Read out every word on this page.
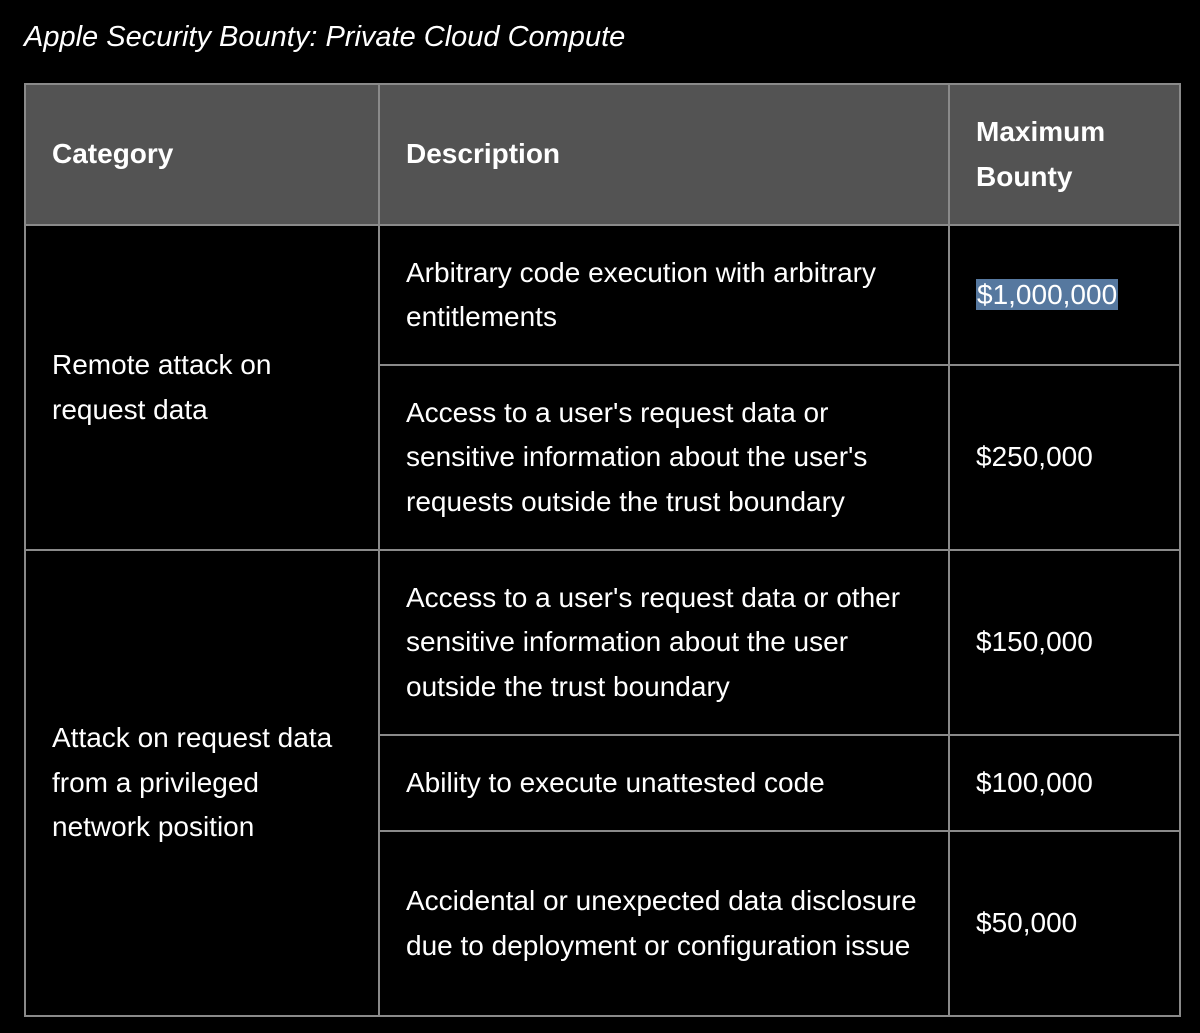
Apple Security Bounty: Private Cloud Compute
Category	Description	Maximum Bounty
Remote attack on request data	Arbitrary code execution with arbitrary entitlements	$1,000,000
	Access to a user's request data or sensitive information about the user's requests outside the trust boundary	$250,000
Attack on request data from a privileged network position	Access to a user's request data or other sensitive information about the user outside the trust boundary	$150,000
	Ability to execute unattested code	$100,000
	Accidental or unexpected data disclosure due to deployment or configuration issue	$50,000
